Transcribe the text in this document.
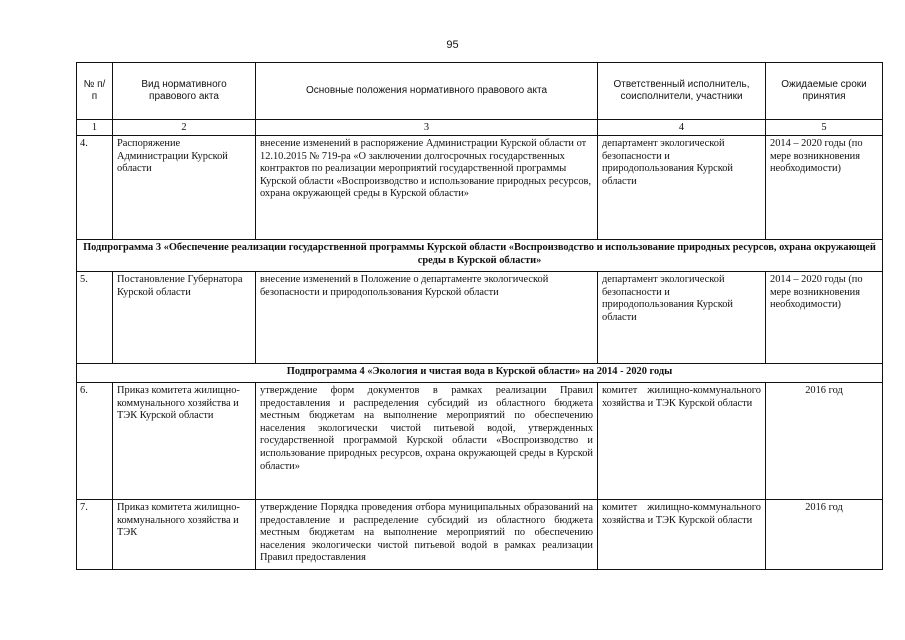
95
№ п/п	Вид нормативного правового акта	Основные положения нормативного правового акта	Ответственный исполнитель, соисполнители, участники	Ожидаемые сроки принятия
1	2	3	4	5
4.	Распоряжение Администрации Курской области	внесение изменений в распоряжение Администрации Курской области от 12.10.2015 № 719-ра «О заключении долгосрочных государственных контрактов по реализации мероприятий государственной программы Курской области «Воспроизводство и использование природных ресурсов, охрана окружающей среды в Курской области»	департамент экологической безопасности и природопользования Курской области	2014 – 2020 годы (по мере возникновения необходимости)
Подпрограмма 3 «Обеспечение реализации государственной программы Курской области «Воспроизводство и использование природных ресурсов, охрана окружающей среды в Курской области»				
5.	Постановление Губернатора Курской области	внесение изменений в Положение о департаменте экологической безопасности и природопользования Курской области	департамент экологической безопасности и природопользования Курской области	2014 – 2020 годы (по мере возникновения необходимости)
Подпрограмма 4 «Экология и чистая вода в Курской области» на 2014 - 2020 годы				
6.	Приказ комитета жилищно-коммунального хозяйства и ТЭК Курской области	утверждение форм документов в рамках реализации Правил предоставления и распределения субсидий из областного бюджета местным бюджетам на выполнение мероприятий по обеспечению населения экологически чистой питьевой водой, утвержденных государственной программой Курской области «Воспроизводство и использование природных ресурсов, охрана окружающей среды в Курской области»	комитет жилищно-коммунального хозяйства и ТЭК Курской области	2016 год
7.	Приказ комитета жилищно-коммунального хозяйства и ТЭК	утверждение Порядка проведения отбора муниципальных образований на предоставление и распределение субсидий из областного бюджета местным бюджетам на выполнение мероприятий по обеспечению населения экологически чистой питьевой водой в рамках реализации Правил предоставления	комитет жилищно-коммунального хозяйства и ТЭК Курской области	2016 год
